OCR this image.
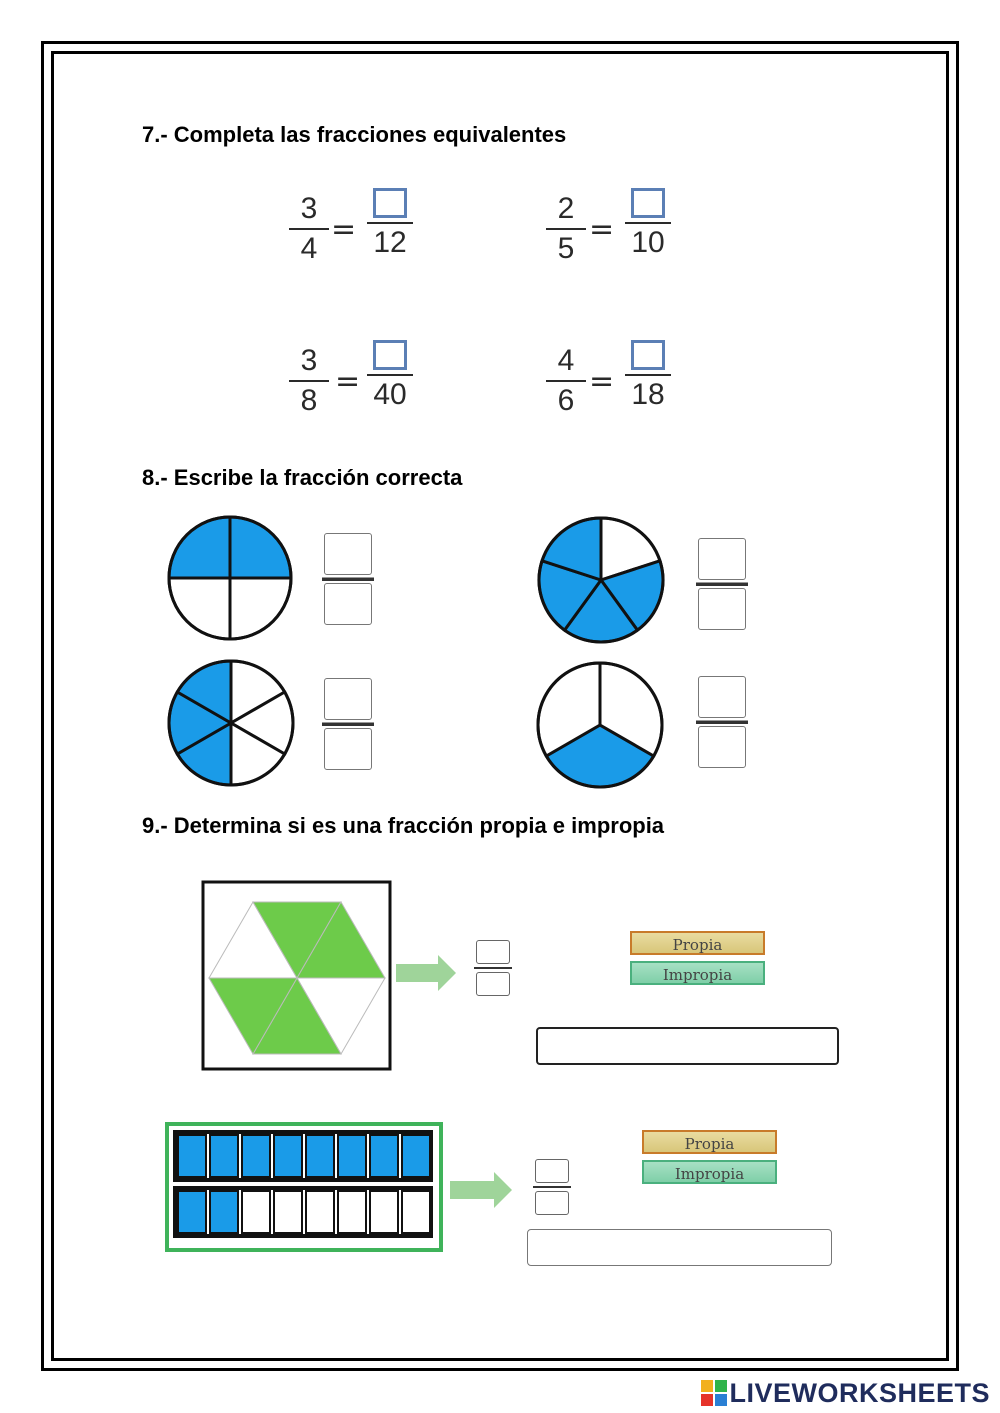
7.- Completa las fracciones equivalentes
3
4
= 12
2
5
= 10
3
8
= 40
4
6
= 18
8.- Escribe la fracción correcta
9.- Determina si es una fracción propia e impropia
Propia
Impropia
Propia
Impropia
LIVEWORKSHEETS
